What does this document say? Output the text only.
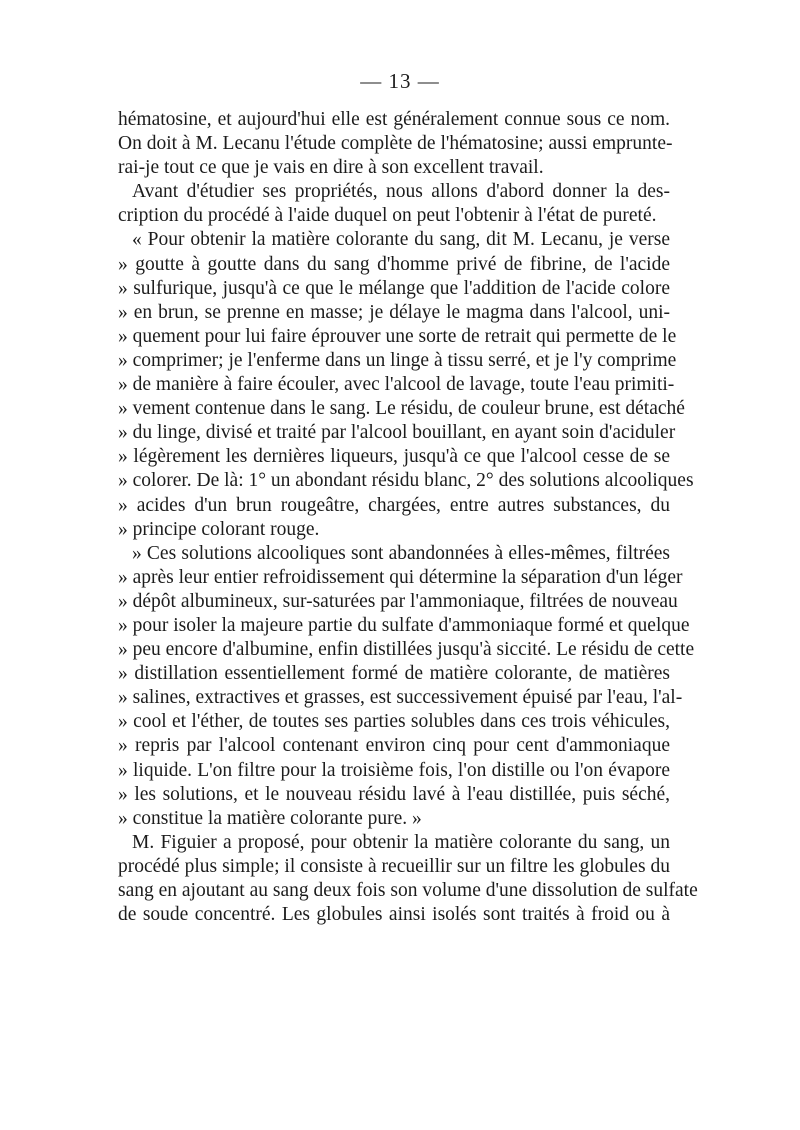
— 13 —
hématosine, et aujourd'hui elle est généralement connue sous ce nom.
On doit à M. Lecanu l'étude complète de l'hématosine; aussi emprunte-
rai-je tout ce que je vais en dire à son excellent travail.
Avant d'étudier ses propriétés, nous allons d'abord donner la des-
cription du procédé à l'aide duquel on peut l'obtenir à l'état de pureté.
« Pour obtenir la matière colorante du sang, dit M. Lecanu, je verse
» goutte à goutte dans du sang d'homme privé de fibrine, de l'acide
» sulfurique, jusqu'à ce que le mélange que l'addition de l'acide colore
» en brun, se prenne en masse; je délaye le magma dans l'alcool, uni-
» quement pour lui faire éprouver une sorte de retrait qui permette de le
» comprimer; je l'enferme dans un linge à tissu serré, et je l'y comprime
» de manière à faire écouler, avec l'alcool de lavage, toute l'eau primiti-
» vement contenue dans le sang. Le résidu, de couleur brune, est détaché
» du linge, divisé et traité par l'alcool bouillant, en ayant soin d'aciduler
» légèrement les dernières liqueurs, jusqu'à ce que l'alcool cesse de se
» colorer. De là: 1° un abondant résidu blanc, 2° des solutions alcooliques
» acides d'un brun rougeâtre, chargées, entre autres substances, du
» principe colorant rouge.
» Ces solutions alcooliques sont abandonnées à elles-mêmes, filtrées
» après leur entier refroidissement qui détermine la séparation d'un léger
» dépôt albumineux, sur-saturées par l'ammoniaque, filtrées de nouveau
» pour isoler la majeure partie du sulfate d'ammoniaque formé et quelque
» peu encore d'albumine, enfin distillées jusqu'à siccité. Le résidu de cette
» distillation essentiellement formé de matière colorante, de matières
» salines, extractives et grasses, est successivement épuisé par l'eau, l'al-
» cool et l'éther, de toutes ses parties solubles dans ces trois véhicules,
» repris par l'alcool contenant environ cinq pour cent d'ammoniaque
» liquide. L'on filtre pour la troisième fois, l'on distille ou l'on évapore
» les solutions, et le nouveau résidu lavé à l'eau distillée, puis séché,
» constitue la matière colorante pure. »
M. Figuier a proposé, pour obtenir la matière colorante du sang, un
procédé plus simple; il consiste à recueillir sur un filtre les globules du
sang en ajoutant au sang deux fois son volume d'une dissolution de sulfate
de soude concentré. Les globules ainsi isolés sont traités à froid ou à
